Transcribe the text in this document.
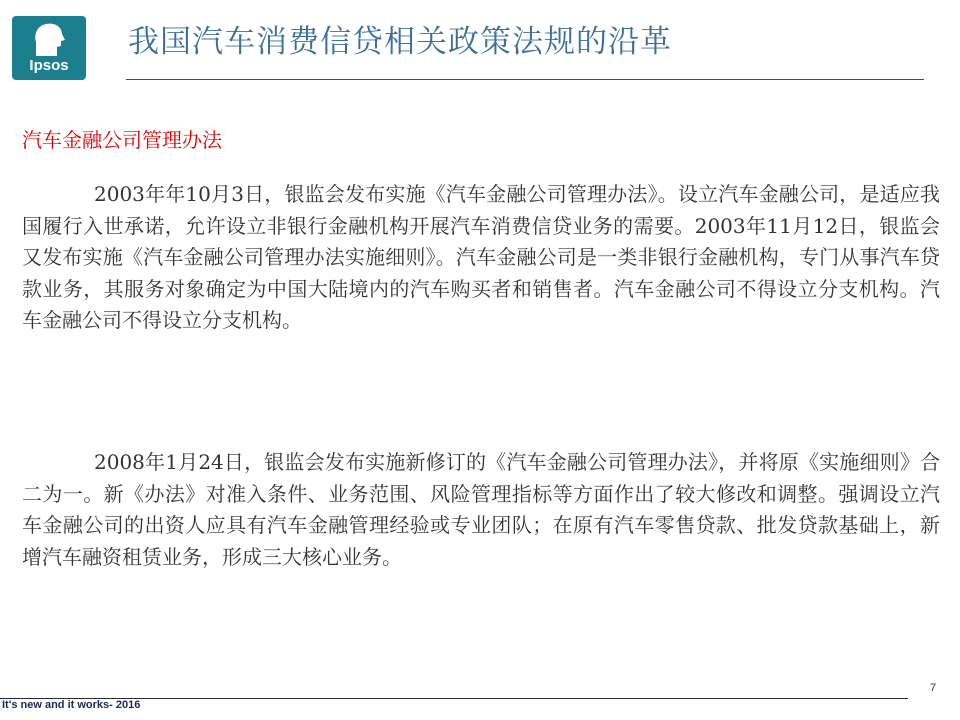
Ipsos
我国汽车消费信贷相关政策法规的沿革
汽车金融公司管理办法

2003年年10月3日，银监会发布实施《汽车金融公司管理办法》。设立汽车金融公司，是适应我国履行入世承诺，允许设立非银行金融机构开展汽车消费信贷业务的需要。2003年11月12日，银监会又发布实施《汽车金融公司管理办法实施细则》。汽车金融公司是一类非银行金融机构，专门从事汽车贷款业务，其服务对象确定为中国大陆境内的汽车购买者和销售者。汽车金融公司不得设立分支机构。汽车金融公司不得设立分支机构。

2008年1月24日，银监会发布实施新修订的《汽车金融公司管理办法》，并将原《实施细则》合二为一。新《办法》对准入条件、业务范围、风险管理指标等方面作出了较大修改和调整。强调设立汽车金融公司的出资人应具有汽车金融管理经验或专业团队；在原有汽车零售贷款、批发贷款基础上，新增汽车融资租赁业务，形成三大核心业务。

7
It's new and it works- 2016
